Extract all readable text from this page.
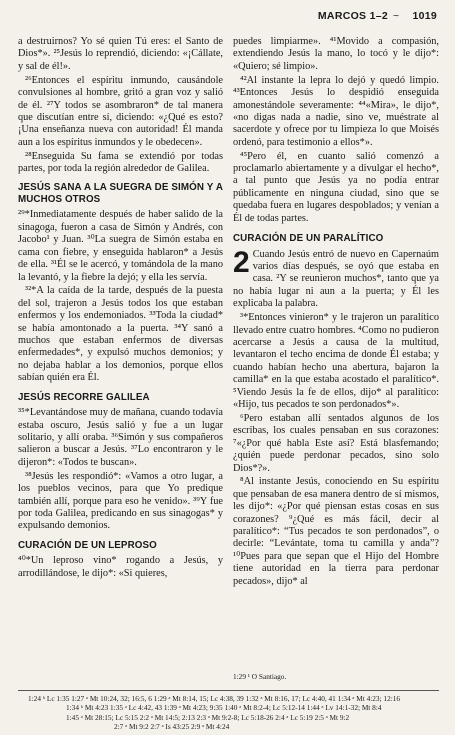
MARCOS 1–2 ~ 1019

a destruirnos? Yo sé quien Tú eres: el Santo de Dios*». ²⁵Jesús lo reprendió, diciendo: «¡Cállate, y sal de él!».

²⁶Entonces el espíritu inmundo, causándole convulsiones al hombre, gritó a gran voz y salió de él. ²⁷Y todos se asombraron* de tal manera que discutían entre sí, diciendo: «¿Qué es esto? ¡Una enseñanza nueva con autoridad! Él manda aun a los espíritus inmundos y le obedecen».

²⁸Enseguida Su fama se extendió por todas partes, por toda la región alrededor de Galilea.

JESÚS SANA A LA SUEGRA DE SIMÓN Y A MUCHOS OTROS

²⁹*Inmediatamente después de haber salido de la sinagoga, fueron a casa de Simón y Andrés, con Jacobo¹ y Juan. ³⁰La suegra de Simón estaba en cama con fiebre, y enseguida hablaron* a Jesús de ella. ³¹Él se le acercó, y tomándola de la mano la levantó, y la fiebre la dejó; y ella les servía.

³²*A la caída de la tarde, después de la puesta del sol, trajeron a Jesús todos los que estaban enfermos y los endemoniados. ³³Toda la ciudad* se había amontonado a la puerta. ³⁴Y sanó a muchos que estaban enfermos de diversas enfermedades*, y expulsó muchos demonios; y no dejaba hablar a los demonios, porque ellos sabían quién era Él.

JESÚS RECORRE GALILEA

³⁵*Levantándose muy de mañana, cuando todavía estaba oscuro, Jesús salió y fue a un lugar solitario, y allí oraba. ³⁶Simón y sus compañeros salieron a buscar a Jesús. ³⁷Lo encontraron y le dijeron*: «Todos te buscan».

³⁸Jesús les respondió*: «Vamos a otro lugar, a los pueblos vecinos, para que Yo predique también allí, porque para eso he venido». ³⁹Y fue por toda Galilea, predicando en sus sinagogas* y expulsando demonios.

CURACIÓN DE UN LEPROSO

⁴⁰*Un leproso vino* rogando a Jesús, y arrodillándose, le dijo*: «Si quieres,

puedes limpiarme». ⁴¹Movido a compasión, extendiendo Jesús la mano, lo tocó y le dijo*: «Quiero; sé limpio».

⁴²Al instante la lepra lo dejó y quedó limpio. ⁴³Entonces Jesús lo despidió enseguida amonestándole severamente: ⁴⁴«Mira», le dijo*, «no digas nada a nadie, sino ve, muéstrate al sacerdote y ofrece por tu limpieza lo que Moisés ordenó, para testimonio a ellos*».

⁴⁵Pero él, en cuanto salió comenzó a proclamarlo abiertamente y a divulgar el hecho*, a tal punto que Jesús ya no podía entrar públicamente en ninguna ciudad, sino que se quedaba fuera en lugares despoblados; y venían a Él de todas partes.

CURACIÓN DE UN PARALÍTICO

2 Cuando Jesús entró de nuevo en Capernaúm varios días después, se oyó que estaba en casa. ²Y se reunieron muchos*, tanto que ya no había lugar ni aun a la puerta; y Él les explicaba la palabra.

³*Entonces vinieron* y le trajeron un paralítico llevado entre cuatro hombres. ⁴Como no pudieron acercarse a Jesús a causa de la multitud, levantaron el techo encima de donde Él estaba; y cuando habían hecho una abertura, bajaron la camilla* en la que estaba acostado el paralítico*. ⁵Viendo Jesús la fe de ellos, dijo* al paralítico: «Hijo, tus pecados te son perdonados*».

⁶Pero estaban allí sentados algunos de los escribas, los cuales pensaban en sus corazones: ⁷«¿Por qué habla Este así? Está blasfemando; ¿quién puede perdonar pecados, sino solo Dios*?».

⁸Al instante Jesús, conociendo en Su espíritu que pensaban de esa manera dentro de sí mismos, les dijo*: «¿Por qué piensan estas cosas en sus corazones? ⁹¿Qué es más fácil, decir al paralítico*: “Tus pecados te son perdonados”, o decirle: “Levántate, toma tu camilla y anda”? ¹⁰Pues para que sepan que el Hijo del Hombre tiene autoridad en la tierra para perdonar pecados», dijo* al

1:29 ¹ O Santiago.
1:24 ᵇ Lc 1:35 1:27 ᵃ Mt 10:24, 32; 16:5, 6 1:29 ᵃ Mt 8:14, 15; Lc 4:38, 39 1:32 ᵃ Mt 8:16, 17; Lc 4:40, 41 1:34 ᵃ Mt 4:23; 12:16
1:34 ᵇ Mt 4:23 1:35 ᵃ Lc 4:42, 43 1:39 ᵃ Mt 4:23; 9:35 1:40 ᵃ Mt 8:2-4; Lc 5:12-14 1:44 ᵃ Lv 14:1-32; Mt 8:4
1:45 ᵃ Mt 28:15; Lc 5:15 2:2 ᵃ Mt 14:5; 2:13 2:3 ᵃ Mt 9:2-8; Lc 5:18-26 2:4 ᵃ Lc 5:19 2:5 ᵃ Mt 9:2
2:7 ᵃ Mt 9:2 2:7 ᵃ Is 43:25 2:9 ᵃ Mt 4:24
